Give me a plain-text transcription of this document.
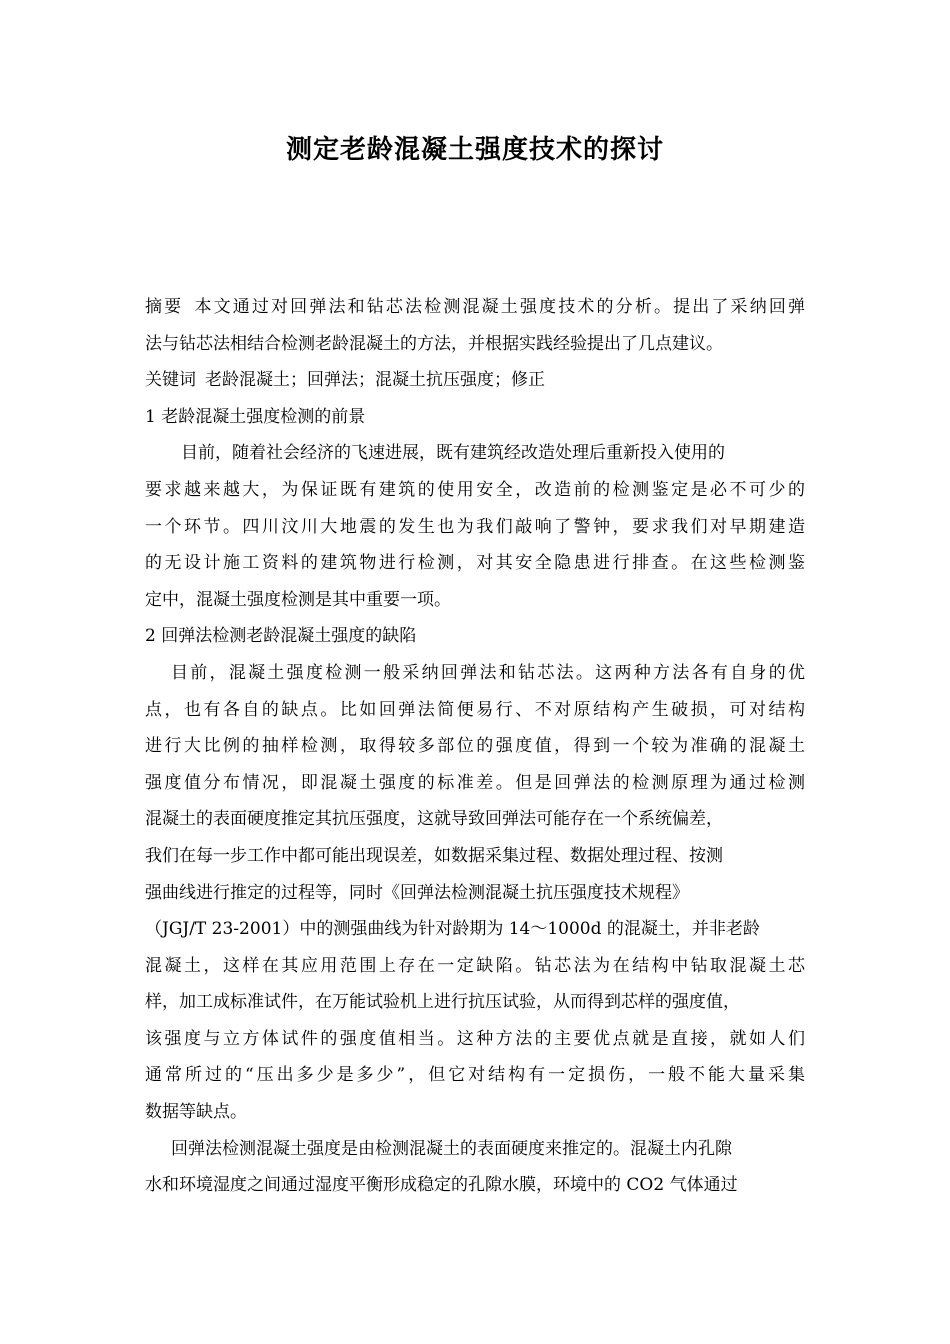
测定老龄混凝土强度技术的探讨
摘要 本文通过对回弹法和钻芯法检测混凝土强度技术的分析。提出了采纳回弹
法与钻芯法相结合检测老龄混凝土的方法，并根据实践经验提出了几点建议。
关键词 老龄混凝土；回弹法；混凝土抗压强度；修正
1 老龄混凝土强度检测的前景
目前，随着社会经济的飞速进展，既有建筑经改造处理后重新投入使用的
要求越来越大，为保证既有建筑的使用安全，改造前的检测鉴定是必不可少的
一个环节。四川汶川大地震的发生也为我们敲响了警钟，要求我们对早期建造
的无设计施工资料的建筑物进行检测，对其安全隐患进行排查。在这些检测鉴
定中，混凝土强度检测是其中重要一项。
2 回弹法检测老龄混凝土强度的缺陷
目前，混凝土强度检测一般采纳回弹法和钻芯法。这两种方法各有自身的优
点，也有各自的缺点。比如回弹法简便易行、不对原结构产生破损，可对结构
进行大比例的抽样检测，取得较多部位的强度值，得到一个较为准确的混凝土
强度值分布情况，即混凝土强度的标准差。但是回弹法的检测原理为通过检测
混凝土的表面硬度推定其抗压强度，这就导致回弹法可能存在一个系统偏差，
我们在每一步工作中都可能出现误差，如数据采集过程、数据处理过程、按测
强曲线进行推定的过程等，同时《回弹法检测混凝土抗压强度技术规程》
（JGJ/T 23-2001）中的测强曲线为针对龄期为 14～1000d 的混凝土，并非老龄
混凝土，这样在其应用范围上存在一定缺陷。钻芯法为在结构中钻取混凝土芯
样，加工成标准试件，在万能试验机上进行抗压试验，从而得到芯样的强度值，
该强度与立方体试件的强度值相当。这种方法的主要优点就是直接，就如人们
通常所过的“压出多少是多少”，但它对结构有一定损伤，一般不能大量采集
数据等缺点。
回弹法检测混凝土强度是由检测混凝土的表面硬度来推定的。混凝土内孔隙
水和环境湿度之间通过湿度平衡形成稳定的孔隙水膜，环境中的 CO2 气体通过
